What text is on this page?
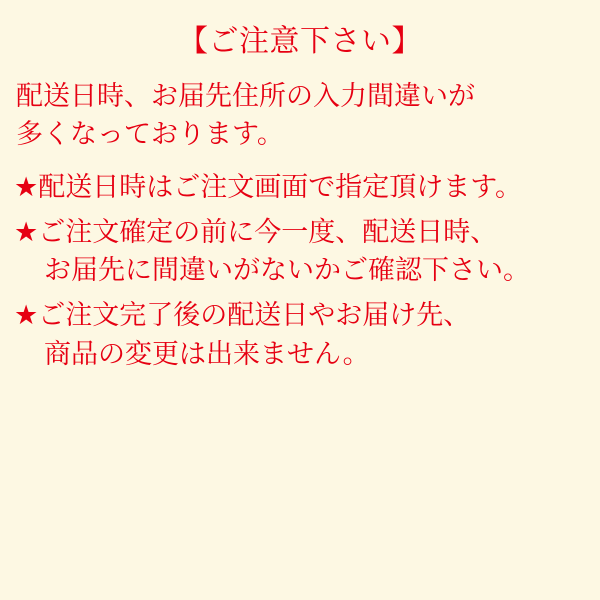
【ご注意下さい】
配送日時、お届先住所の入力間違いが
多くなっております。
★配送日時はご注文画面で指定頂けます。
★ご注文確定の前に今一度、配送日時、
お届先に間違いがないかご確認下さい。
★ご注文完了後の配送日やお届け先、
商品の変更は出来ません。
